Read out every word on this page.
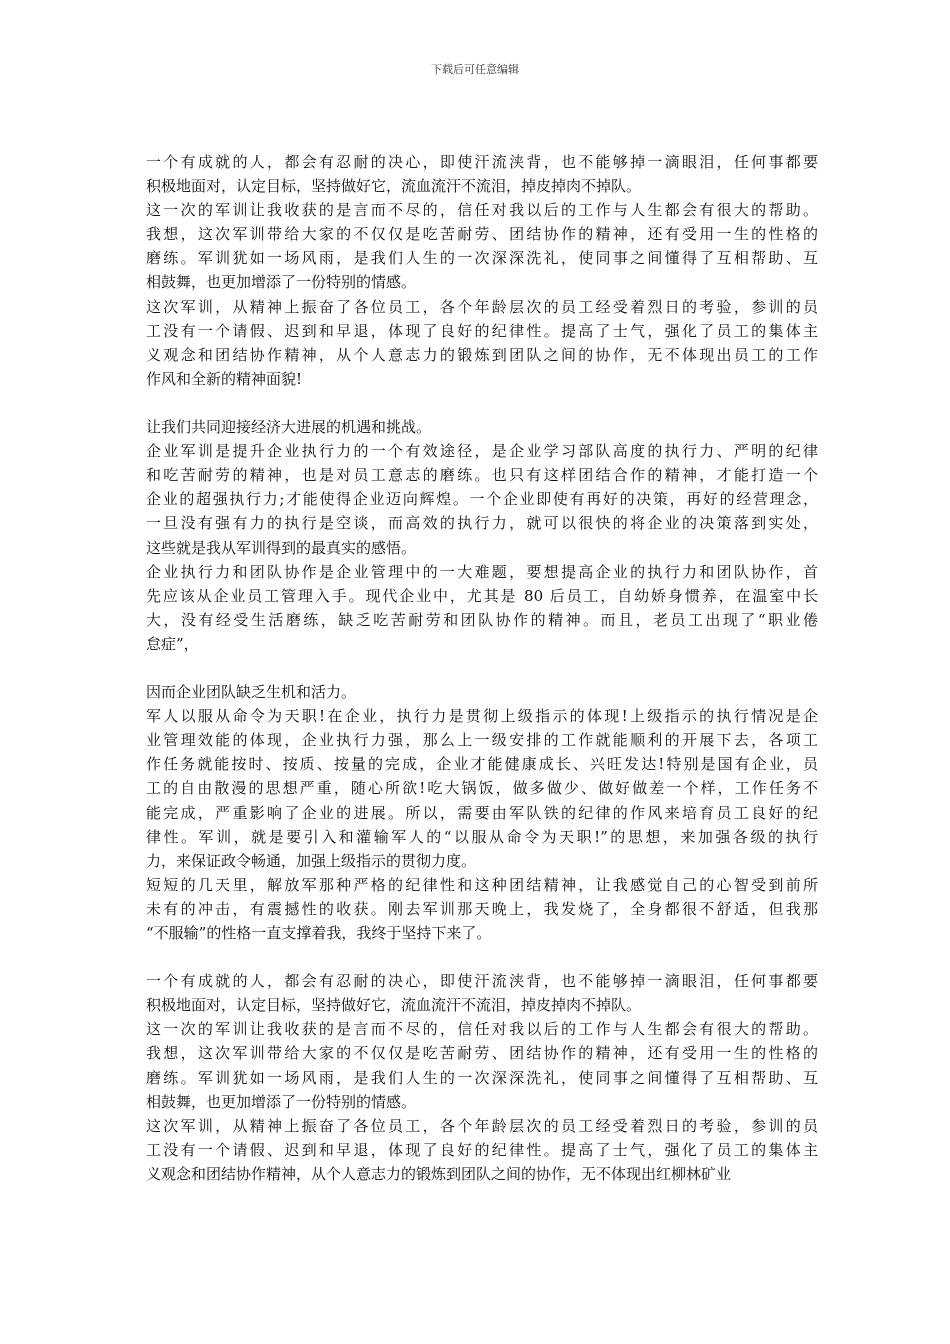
下载后可任意编辑
一个有成就的人，都会有忍耐的决心，即使汗流浃背，也不能够掉一滴眼泪，任何事都要
积极地面对，认定目标，坚持做好它，流血流汗不流泪，掉皮掉肉不掉队。
这一次的军训让我收获的是言而不尽的，信任对我以后的工作与人生都会有很大的帮助。
我想，这次军训带给大家的不仅仅是吃苦耐劳、团结协作的精神，还有受用一生的性格的
磨练。军训犹如一场风雨，是我们人生的一次深深洗礼，使同事之间懂得了互相帮助、互
相鼓舞，也更加增添了一份特别的情感。
这次军训，从精神上振奋了各位员工，各个年龄层次的员工经受着烈日的考验，参训的员
工没有一个请假、迟到和早退，体现了良好的纪律性。提高了士气，强化了员工的集体主
义观念和团结协作精神，从个人意志力的锻炼到团队之间的协作，无不体现出员工的工作
作风和全新的精神面貌!
让我们共同迎接经济大进展的机遇和挑战。
企业军训是提升企业执行力的一个有效途径，是企业学习部队高度的执行力、严明的纪律
和吃苦耐劳的精神，也是对员工意志的磨练。也只有这样团结合作的精神，才能打造一个
企业的超强执行力;才能使得企业迈向辉煌。一个企业即使有再好的决策，再好的经营理念，
一旦没有强有力的执行是空谈，而高效的执行力，就可以很快的将企业的决策落到实处，
这些就是我从军训得到的最真实的感悟。
企业执行力和团队协作是企业管理中的一大难题，要想提高企业的执行力和团队协作，首
先应该从企业员工管理入手。现代企业中，尤其是 80 后员工，自幼娇身惯养，在温室中长
大，没有经受生活磨练，缺乏吃苦耐劳和团队协作的精神。而且，老员工出现了“职业倦
怠症”，
因而企业团队缺乏生机和活力。
军人以服从命令为天职!在企业，执行力是贯彻上级指示的体现!上级指示的执行情况是企
业管理效能的体现，企业执行力强，那么上一级安排的工作就能顺利的开展下去，各项工
作任务就能按时、按质、按量的完成，企业才能健康成长、兴旺发达!特别是国有企业，员
工的自由散漫的思想严重，随心所欲!吃大锅饭，做多做少、做好做差一个样，工作任务不
能完成，严重影响了企业的进展。所以，需要由军队铁的纪律的作风来培育员工良好的纪
律性。军训，就是要引入和灌输军人的“以服从命令为天职!”的思想，来加强各级的执行
力，来保证政令畅通，加强上级指示的贯彻力度。
短短的几天里，解放军那种严格的纪律性和这种团结精神，让我感觉自己的心智受到前所
未有的冲击，有震撼性的收获。刚去军训那天晚上，我发烧了，全身都很不舒适，但我那
“不服输”的性格一直支撑着我，我终于坚持下来了。
一个有成就的人，都会有忍耐的决心，即使汗流浃背，也不能够掉一滴眼泪，任何事都要
积极地面对，认定目标，坚持做好它，流血流汗不流泪，掉皮掉肉不掉队。
这一次的军训让我收获的是言而不尽的，信任对我以后的工作与人生都会有很大的帮助。
我想，这次军训带给大家的不仅仅是吃苦耐劳、团结协作的精神，还有受用一生的性格的
磨练。军训犹如一场风雨，是我们人生的一次深深洗礼，使同事之间懂得了互相帮助、互
相鼓舞，也更加增添了一份特别的情感。
这次军训，从精神上振奋了各位员工，各个年龄层次的员工经受着烈日的考验，参训的员
工没有一个请假、迟到和早退，体现了良好的纪律性。提高了士气，强化了员工的集体主
义观念和团结协作精神，从个人意志力的锻炼到团队之间的协作，无不体现出红柳林矿业
